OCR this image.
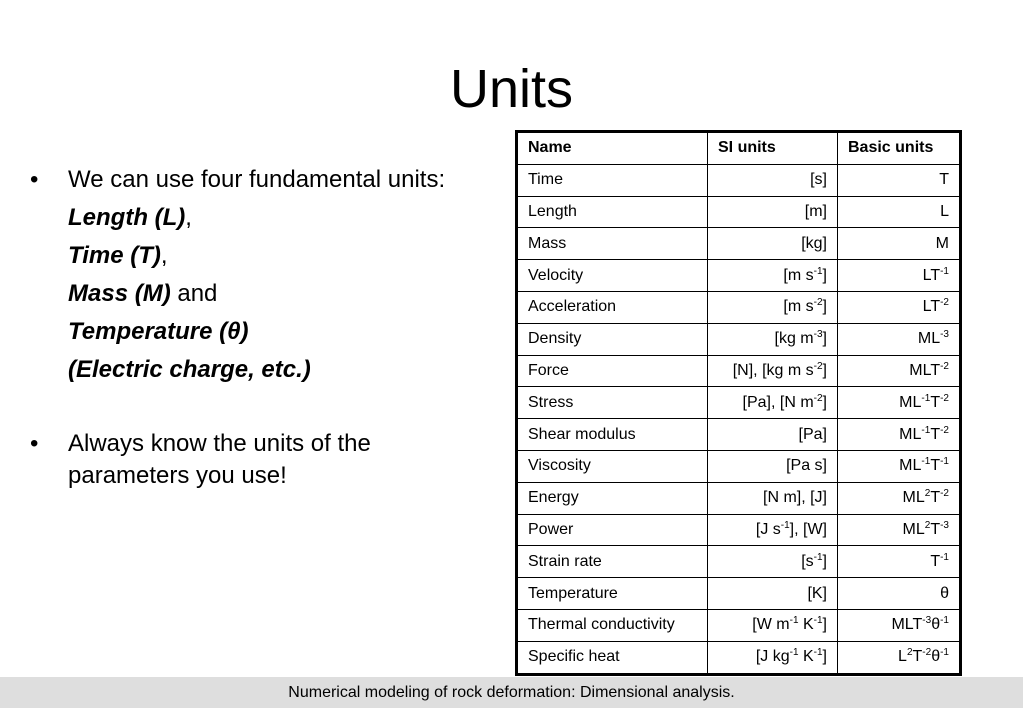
Units
• We can use four fundamental units:
Length (L),
Time (T),
Mass (M) and
Temperature (θ)
(Electric charge, etc.)
• Always know the units of the parameters you use!
Name	SI units	Basic units
Time	[s]	T
Length	[m]	L
Mass	[kg]	M
Velocity	[m $s^{-1}$]	$LT^{-1}$
Acceleration	[m $s^{-2}$]	$LT^{-2}$
Density	[kg $m^{-3}$]	$ML^{-3}$
Force	[N], [kg m $s^{-2}$]	$MLT^{-2}$
Stress	[Pa], [N $m^{-2}$]	$ML^{-1}T^{-2}$
Shear modulus	[Pa]	$ML^{-1}T^{-2}$
Viscosity	[Pa s]	$ML^{-1}T^{-1}$
Energy	[N m], [J]	$ML^2T^{-2}$
Power	[J $s^{-1}$], [W]	$ML^2T^{-3}$
Strain rate	$[s^{-1}]$	$T^{-1}$
Temperature	[K]	θ
Thermal conductivity	[W $m^{-1}$ $K^{-1}$]	$MLT^{-3}\theta^{-1}$
Specific heat	[J $kg^{-1}$ $K^{-1}$]	$L^2T^{-2}\theta^{-1}$
Numerical modeling of rock deformation: Dimensional analysis.
